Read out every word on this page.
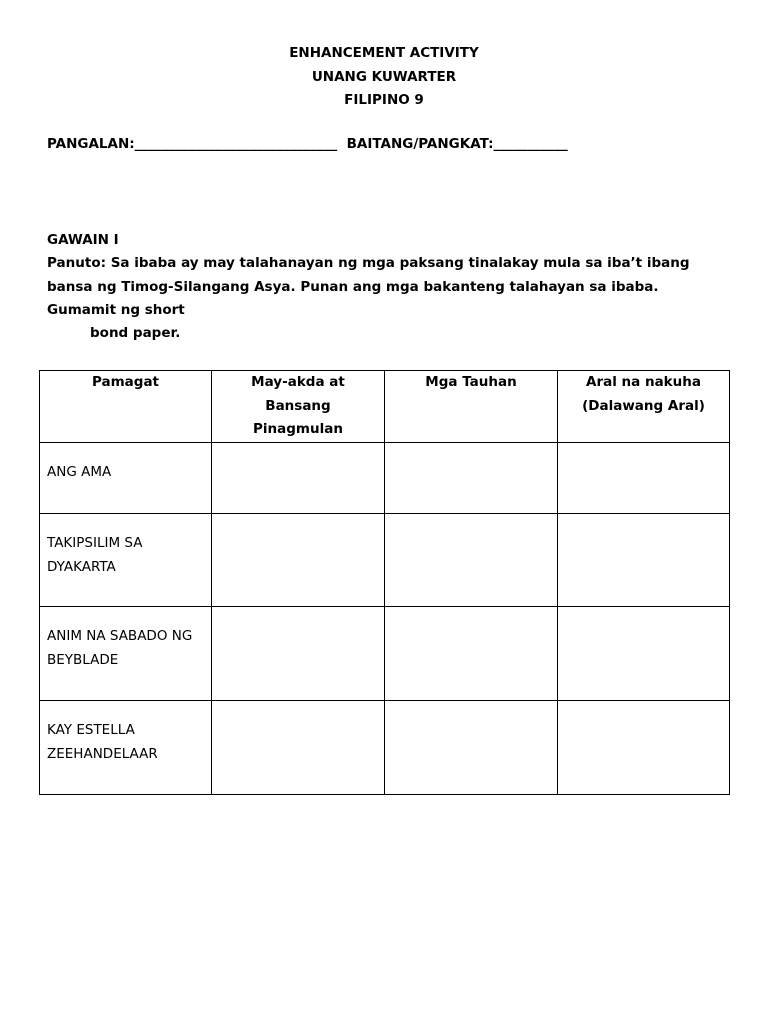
ENHANCEMENT ACTIVITY
UNANG KUWARTER
FILIPINO 9
PANGALAN:______________________________  BAITANG/PANGKAT:___________

GAWAIN I

Panuto: Sa ibaba ay may talahanayan ng mga paksang tinalakay mula sa iba’t ibang bansa ng Timog-Silangang Asya. Punan ang mga bakanteng talahayan sa ibaba. Gumamit ng short

bond paper.

Pamagat	May-akda at Bansang Pinagmulan	Mga Tauhan	Aral na nakuha
(Dalawang Aral)

ANG AMA			

TAKIPSILIM SA DYAKARTA			

ANIM NA SABADO NG BEYBLADE			

KAY ESTELLA ZEEHANDELAAR			
